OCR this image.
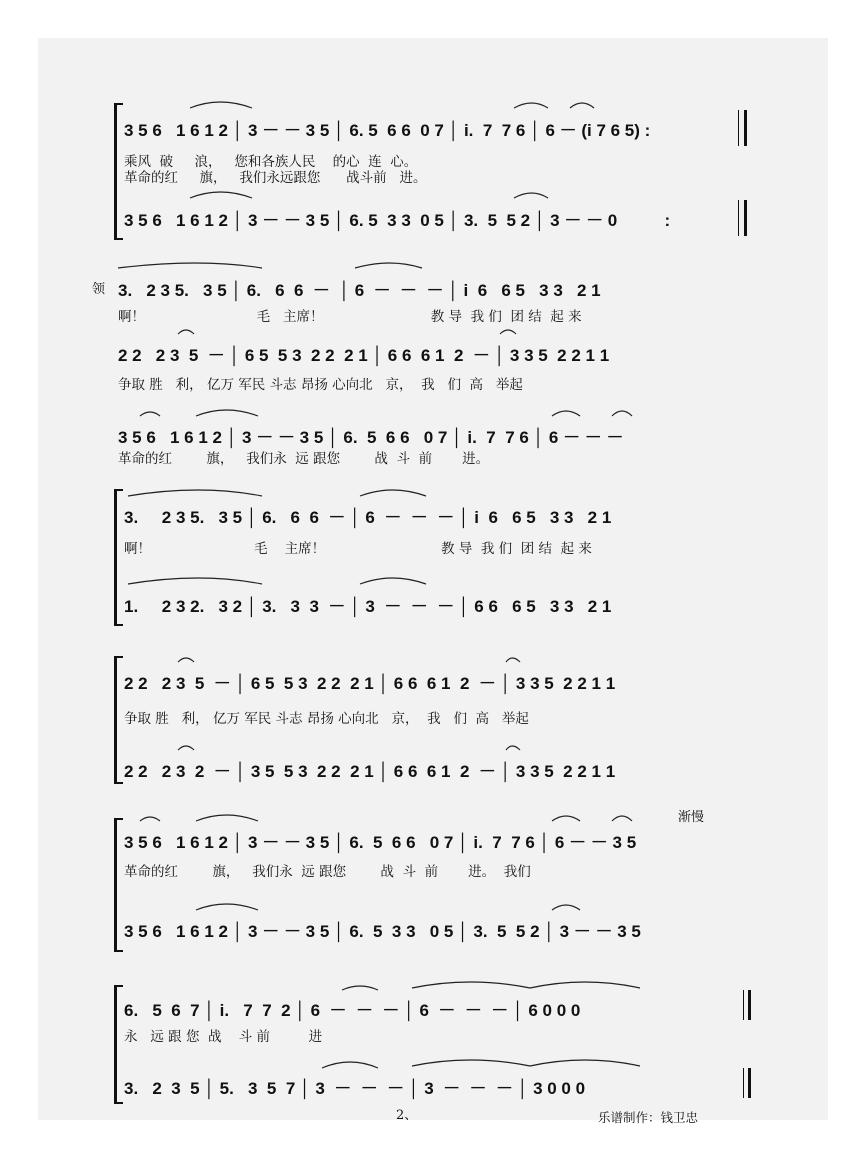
3 5 6   1 6 1 2 │ 3 － － 3 5 │ 6. 5  6 6  0 7 │ i.  7  7 6 │ 6 － (i 7 6 5) :
乘风  破     浪，   您和各族人民    的心  连  心。
革命的红     旗，   我们永远跟您      战斗前   进。
3 5 6   1 6 1 2 │ 3 － － 3 5 │ 6. 5  3 3  0 5 │ 3.  5  5 2 │ 3 － － 0          :
领 3.   2 3 5.   3 5 │ 6.   6  6  －  │ 6  －  －  － │ i  6   6 5   3 3   2 1
啊！                          毛   主席！                         教 导  我 们  团 结  起 来
2 2   2 3  5  － │ 6 5  5 3  2 2  2 1 │ 6 6  6 1  2  － │ 3 3 5  2 2 1 1
争取 胜   利， 亿万 军民 斗志 昂扬 心向北   京，  我   们  高   举起
3 5 6   1 6 1 2 │ 3 － － 3 5 │ 6.  5  6 6   0 7 │ i.  7  7 6 │ 6 － － －
革命的红        旗，   我们永  远 跟您        战  斗  前       进。
3.     2 3 5.   3 5 │ 6.   6  6  － │ 6  －  －  － │ i  6   6 5   3 3   2 1
啊！                        毛    主席！                           教 导  我 们  团 结  起 来
1.     2 3 2.   3 2 │ 3.   3  3  － │ 3  －  －  － │ 6 6   6 5   3 3   2 1
2 2   2 3  5  － │ 6 5  5 3  2 2  2 1 │ 6 6  6 1  2  － │ 3 3 5  2 2 1 1
争取 胜   利， 亿万 军民 斗志 昂扬 心向北   京，  我   们  高   举起
2 2   2 3  2  － │ 3 5  5 3  2 2  2 1 │ 6 6  6 1  2  － │ 3 3 5  2 2 1 1
渐慢
3 5 6   1 6 1 2 │ 3 － － 3 5 │ 6.  5  6 6   0 7 │ i.  7  7 6 │ 6 － － 3 5
革命的红        旗，   我们永  远 跟您        战  斗  前       进。  我们
3 5 6   1 6 1 2 │ 3 － － 3 5 │ 6.  5  3 3   0 5 │ 3.  5  5 2 │ 3 － － 3 5
6.   5  6  7 │ i.   7  7  2 │ 6  －  －  － │ 6  －  －  － │ 6 0 0 0
永   远 跟 您  战    斗 前         进
3.   2  3  5 │ 5.   3  5  7 │ 3  －  －  － │ 3  －  －  － │ 3 0 0 0
2、	乐谱制作：钱卫忠
